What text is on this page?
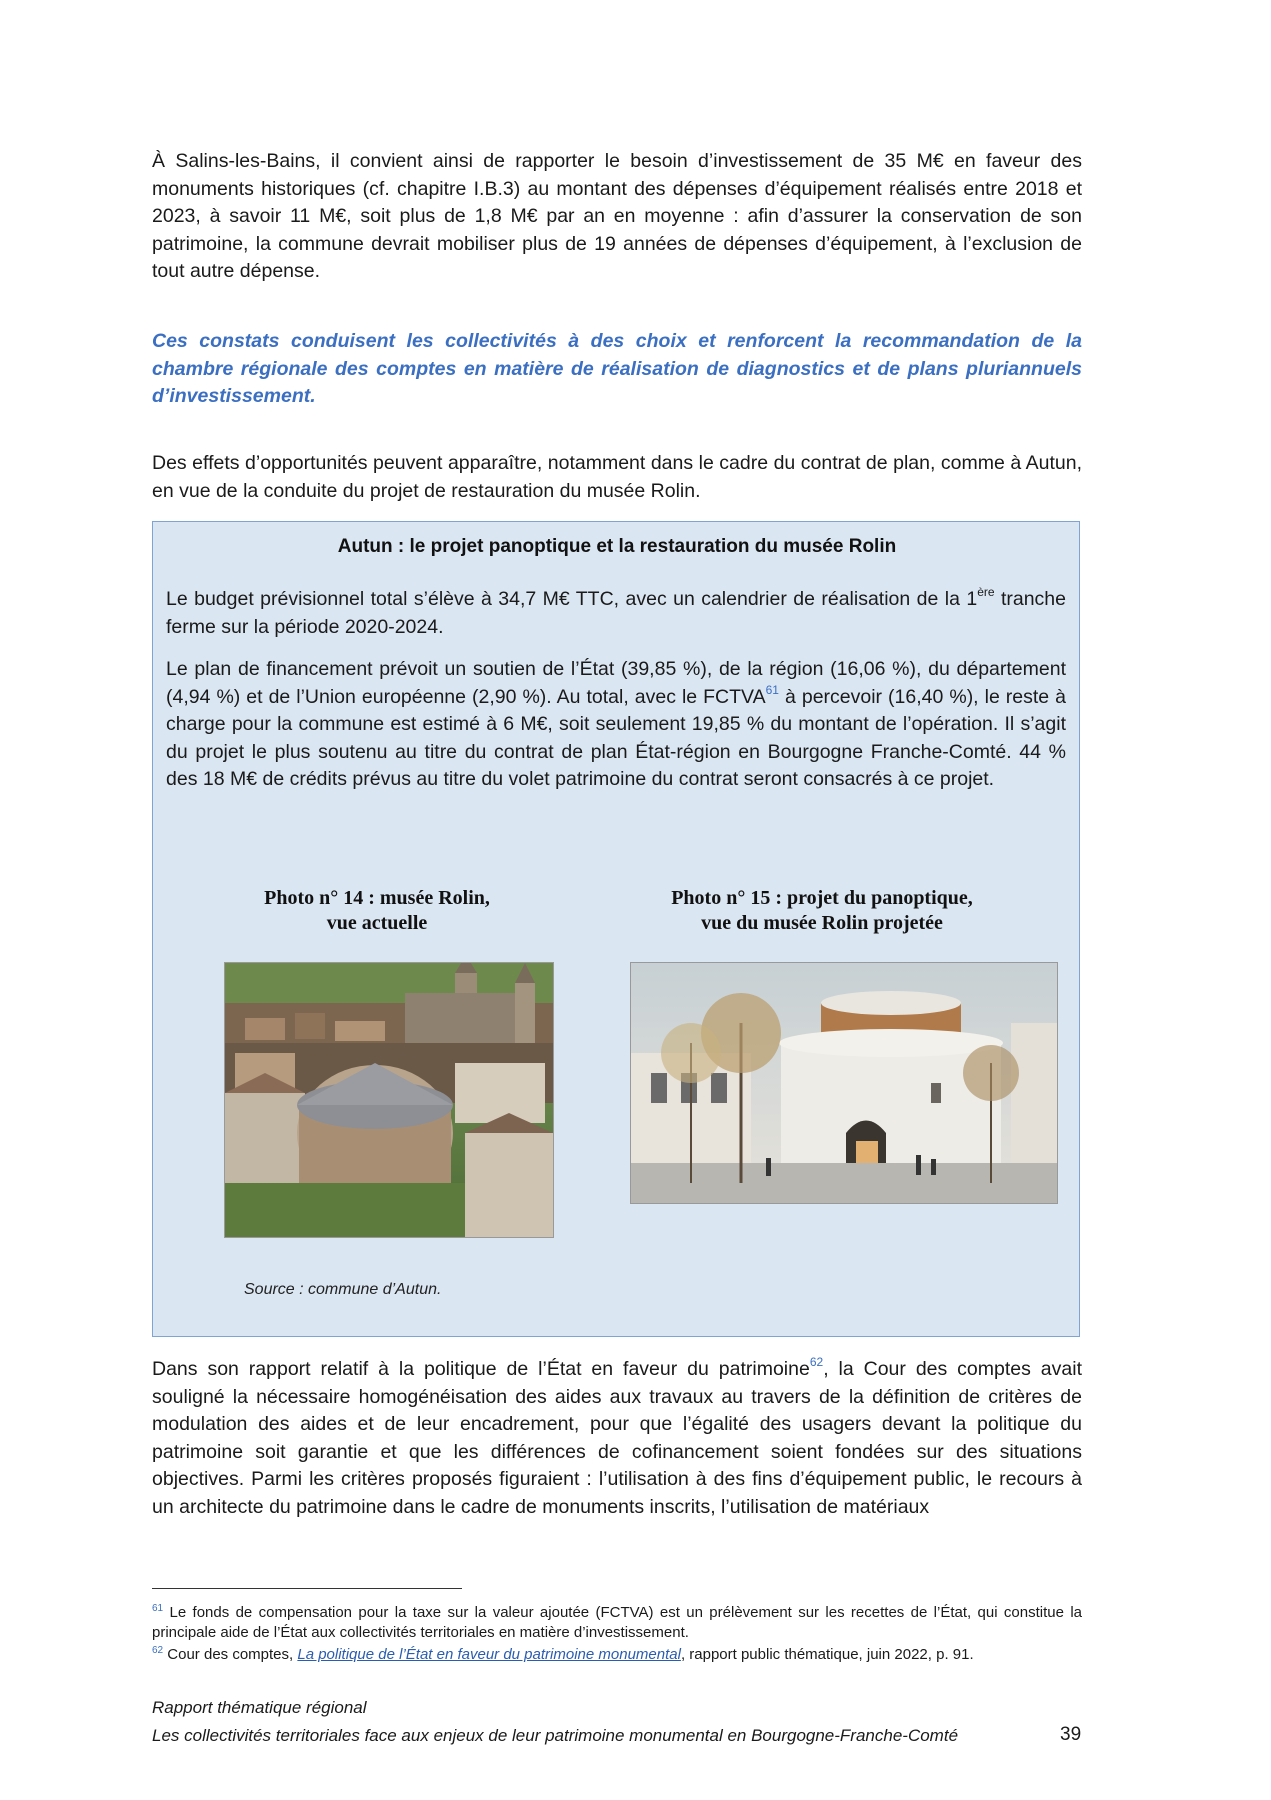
À Salins-les-Bains, il convient ainsi de rapporter le besoin d’investissement de 35 M€ en faveur des monuments historiques (cf. chapitre I.B.3) au montant des dépenses d’équipement réalisés entre 2018 et 2023, à savoir 11 M€, soit plus de 1,8 M€ par an en moyenne : afin d’assurer la conservation de son patrimoine, la commune devrait mobiliser plus de 19 années de dépenses d’équipement, à l’exclusion de tout autre dépense.

Ces constats conduisent les collectivités à des choix et renforcent la recommandation de la chambre régionale des comptes en matière de réalisation de diagnostics et de plans pluriannuels d’investissement.

Des effets d’opportunités peuvent apparaître, notamment dans le cadre du contrat de plan, comme à Autun, en vue de la conduite du projet de restauration du musée Rolin.

Autun : le projet panoptique et la restauration du musée Rolin

Le budget prévisionnel total s’élève à 34,7 M€ TTC, avec un calendrier de réalisation de la 1ère tranche ferme sur la période 2020-2024.

Le plan de financement prévoit un soutien de l’État (39,85 %), de la région (16,06 %), du département (4,94 %) et de l’Union européenne (2,90 %). Au total, avec le FCTVA$^{61}$ à percevoir (16,40 %), le reste à charge pour la commune est estimé à 6 M€, soit seulement 19,85 % du montant de l’opération. Il s’agit du projet le plus soutenu au titre du contrat de plan État-région en Bourgogne Franche-Comté. 44 % des 18 M€ de crédits prévus au titre du volet patrimoine du contrat seront consacrés à ce projet.

Photo n° 14 : musée Rolin,
vue actuelle
Photo n° 15 : projet du panoptique,
vue du musée Rolin projetée
Source : commune d’Autun.

Dans son rapport relatif à la politique de l’État en faveur du patrimoine$^{62}$, la Cour des comptes avait souligné la nécessaire homogénéisation des aides aux travaux au travers de la définition de critères de modulation des aides et de leur encadrement, pour que l’égalité des usagers devant la politique du patrimoine soit garantie et que les différences de cofinancement soient fondées sur des situations objectives. Parmi les critères proposés figuraient : l’utilisation à des fins d’équipement public, le recours à un architecte du patrimoine dans le cadre de monuments inscrits, l’utilisation de matériaux

$^{61}$ Le fonds de compensation pour la taxe sur la valeur ajoutée (FCTVA) est un prélèvement sur les recettes de l’État, qui constitue la principale aide de l’État aux collectivités territoriales en matière d’investissement.

$^{62}$ Cour des comptes, La politique de l’État en faveur du patrimoine monumental, rapport public thématique, juin 2022, p. 91.

Rapport thématique régional
Les collectivités territoriales face aux enjeux de leur patrimoine monumental en Bourgogne-Franche-Comté	39
